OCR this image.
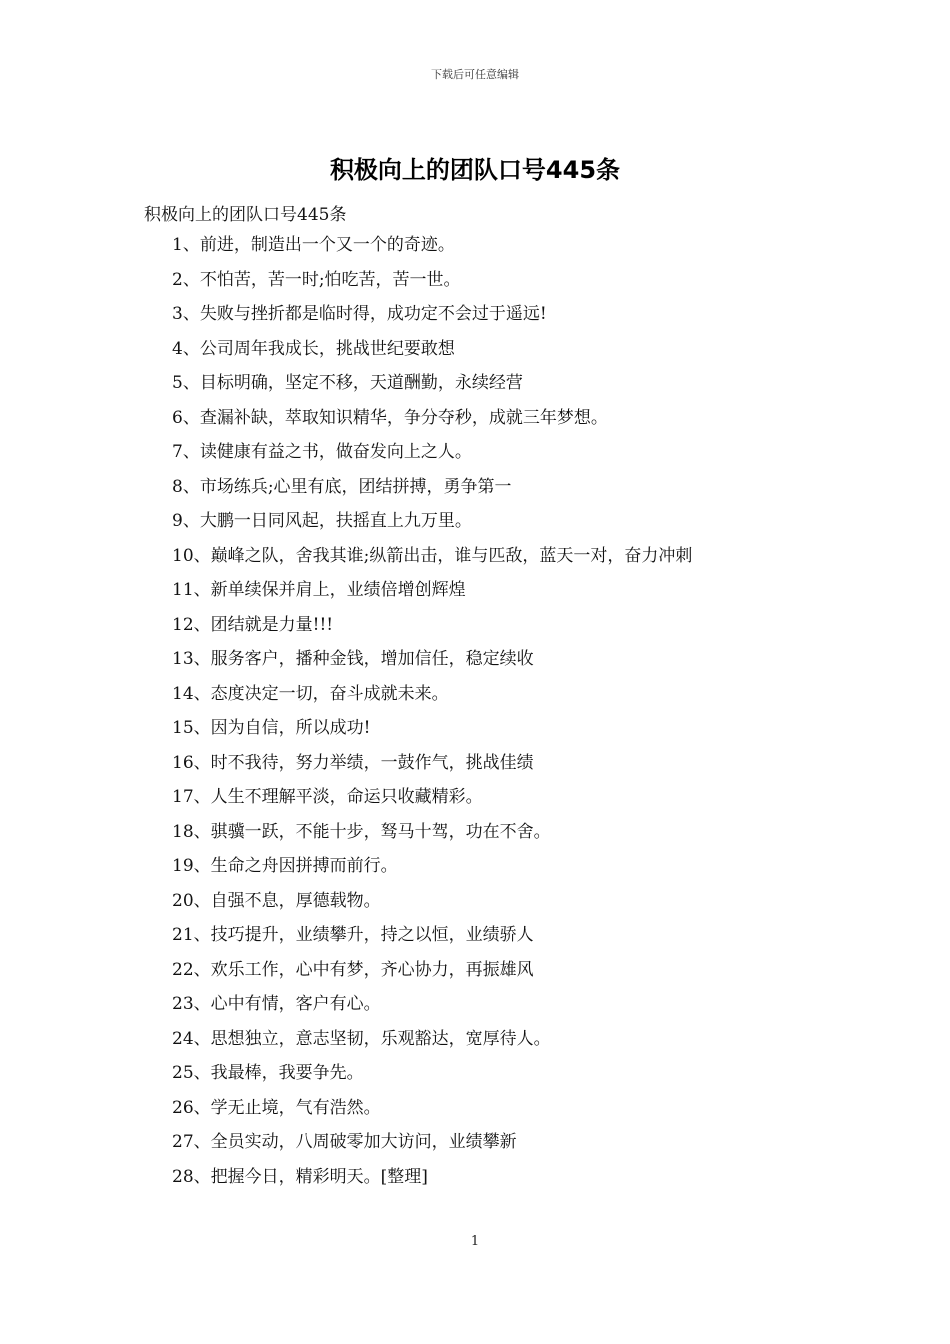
下载后可任意编辑
积极向上的团队口号445条
积极向上的团队口号445条
1、前进，制造出一个又一个的奇迹。
2、不怕苦，苦一时;怕吃苦，苦一世。
3、失败与挫折都是临时得，成功定不会过于遥远!
4、公司周年我成长，挑战世纪要敢想
5、目标明确，坚定不移，天道酬勤，永续经营
6、查漏补缺，萃取知识精华，争分夺秒，成就三年梦想。
7、读健康有益之书，做奋发向上之人。
8、市场练兵;心里有底，团结拼搏，勇争第一
9、大鹏一日同风起，扶摇直上九万里。
10、巅峰之队，舍我其谁;纵箭出击，谁与匹敌，蓝天一对，奋力冲刺
11、新单续保并肩上，业绩倍增创辉煌
12、团结就是力量!!!
13、服务客户，播种金钱，增加信任，稳定续收
14、态度决定一切，奋斗成就未来。
15、因为自信，所以成功!
16、时不我待，努力举绩，一鼓作气，挑战佳绩
17、人生不理解平淡，命运只收藏精彩。
18、骐骥一跃，不能十步，驽马十驾，功在不舍。
19、生命之舟因拼搏而前行。
20、自强不息，厚德载物。
21、技巧提升，业绩攀升，持之以恒，业绩骄人
22、欢乐工作，心中有梦，齐心协力，再振雄风
23、心中有情，客户有心。
24、思想独立，意志坚韧，乐观豁达，宽厚待人。
25、我最棒，我要争先。
26、学无止境，气有浩然。
27、全员实动，八周破零加大访问，业绩攀新
28、把握今日，精彩明天。[整理]
1
